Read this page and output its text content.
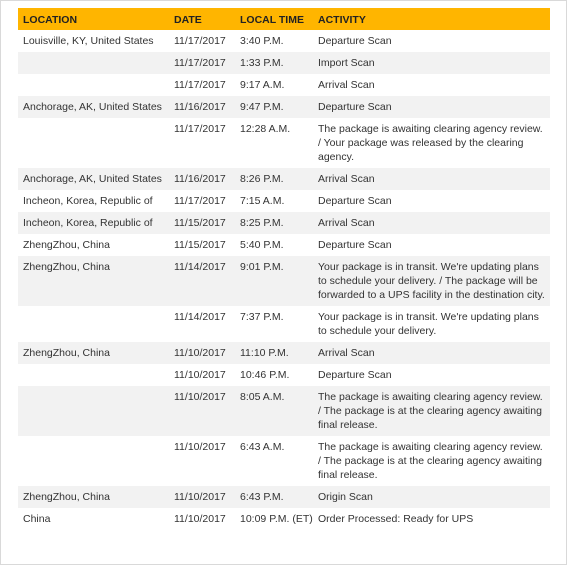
LOCATION	DATE	LOCAL TIME	ACTIVITY
Louisville, KY, United States	11/17/2017	3:40 P.M.	Departure Scan
	11/17/2017	1:33 P.M.	Import Scan
	11/17/2017	9:17 A.M.	Arrival Scan
Anchorage, AK, United States	11/16/2017	9:47 P.M.	Departure Scan
	11/17/2017	12:28 A.M.	The package is awaiting clearing agency review. / Your package was released by the clearing agency.
Anchorage, AK, United States	11/16/2017	8:26 P.M.	Arrival Scan
Incheon, Korea, Republic of	11/17/2017	7:15 A.M.	Departure Scan
Incheon, Korea, Republic of	11/15/2017	8:25 P.M.	Arrival Scan
ZhengZhou, China	11/15/2017	5:40 P.M.	Departure Scan
ZhengZhou, China	11/14/2017	9:01 P.M.	Your package is in transit. We're updating plans to schedule your delivery. / The package will be forwarded to a UPS facility in the destination city.
	11/14/2017	7:37 P.M.	Your package is in transit. We're updating plans to schedule your delivery.
ZhengZhou, China	11/10/2017	11:10 P.M.	Arrival Scan
	11/10/2017	10:46 P.M.	Departure Scan
	11/10/2017	8:05 A.M.	The package is awaiting clearing agency review. / The package is at the clearing agency awaiting final release.
	11/10/2017	6:43 A.M.	The package is awaiting clearing agency review. / The package is at the clearing agency awaiting final release.
ZhengZhou, China	11/10/2017	6:43 P.M.	Origin Scan
China	11/10/2017	10:09 P.M. (ET)	Order Processed: Ready for UPS
